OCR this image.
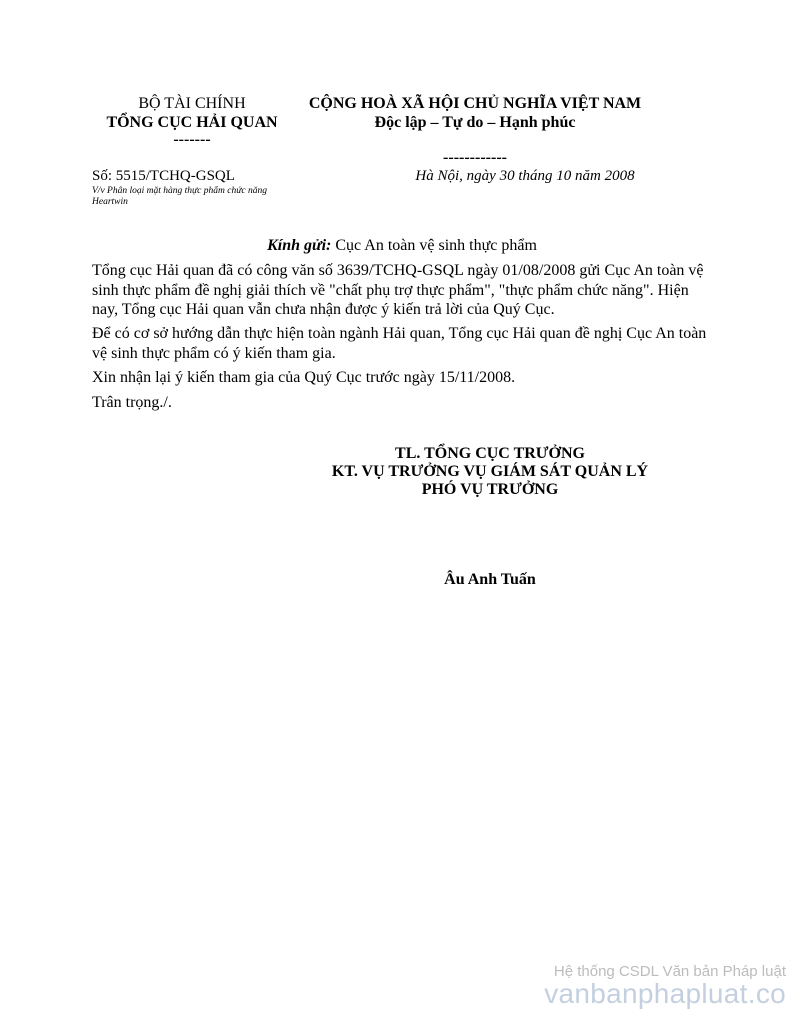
BỘ TÀI CHÍNH
TỔNG CỤC HẢI QUAN
-------
CỘNG HOÀ XÃ HỘI CHỦ NGHĨA VIỆT NAM
Độc lập – Tự do – Hạnh phúc
------------
Số: 5515/TCHQ-GSQL	Hà Nội, ngày 30 tháng 10 năm 2008
V/v Phân loại mặt hàng thực phẩm chức năng
Heartwin
Kính gửi: Cục An toàn vệ sinh thực phẩm
Tổng cục Hải quan đã có công văn số 3639/TCHQ-GSQL ngày 01/08/2008 gửi Cục An toàn vệ sinh thực phẩm đề nghị giải thích về "chất phụ trợ thực phẩm", "thực phẩm chức năng". Hiện nay, Tổng cục Hải quan vẫn chưa nhận được ý kiến trả lời của Quý Cục.
Để có cơ sở hướng dẫn thực hiện toàn ngành Hải quan, Tổng cục Hải quan đề nghị Cục An toàn vệ sinh thực phẩm có ý kiến tham gia.
Xin nhận lại ý kiến tham gia của Quý Cục trước ngày 15/11/2008.
Trân trọng./.
TL. TỔNG CỤC TRƯỞNG
KT. VỤ TRƯỞNG VỤ GIÁM SÁT QUẢN LÝ
PHÓ VỤ TRƯỞNG
Âu Anh Tuấn
Hệ thống CSDL Văn bản Pháp luật
vanbanphapluat.co
